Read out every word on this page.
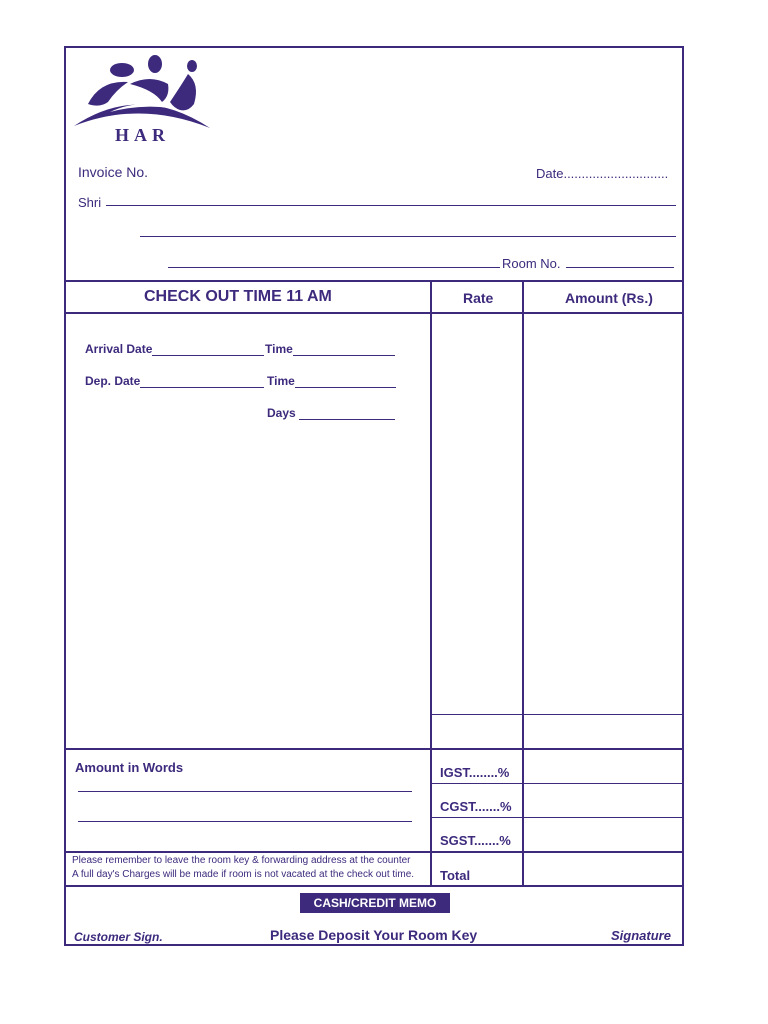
HAR
Invoice No.	Date.............................
Shri
Room No.
CHECK OUT TIME 11 AM	Rate	Amount (Rs.)
Arrival Date	Time
Dep. Date	Time
Days
Amount in Words	IGST........%
CGST.......%
SGST.......%
Total
Please remember to leave the room key & forwarding address at the counter
A full day's Charges will be made if room is not vacated at the check out time.
CASH/CREDIT MEMO
Customer Sign.	Please Deposit Your Room Key	Signature
